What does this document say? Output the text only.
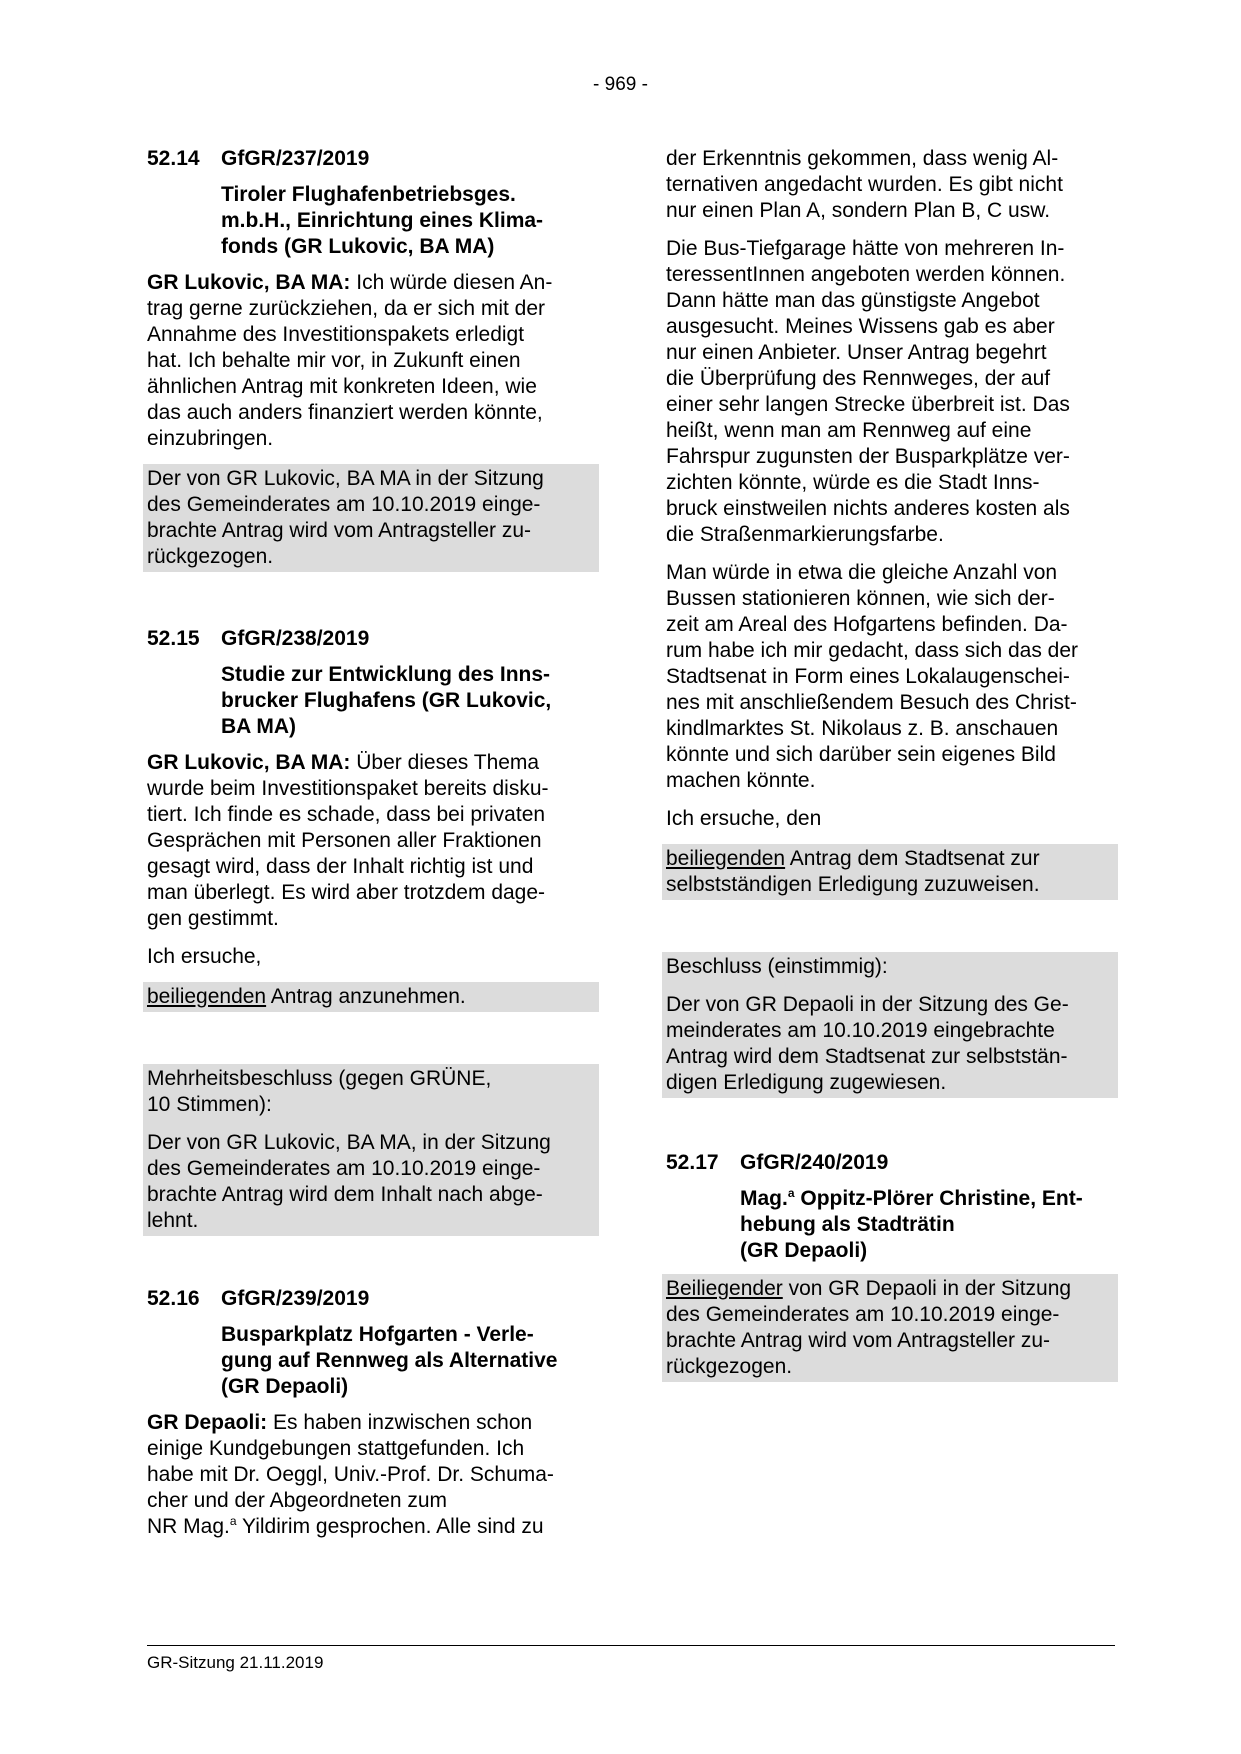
- 969 -
52.14 GfGR/237/2019
Tiroler Flughafenbetriebsges.
m.b.H., Einrichtung eines Klima-
fonds (GR Lukovic, BA MA)

GR Lukovic, BA MA: Ich würde diesen An-
trag gerne zurückziehen, da er sich mit der
Annahme des Investitionspakets erledigt
hat. Ich behalte mir vor, in Zukunft einen
ähnlichen Antrag mit konkreten Ideen, wie
das auch anders finanziert werden könnte,
einzubringen.

Der von GR Lukovic, BA MA in der Sitzung
des Gemeinderates am 10.10.2019 einge-
brachte Antrag wird vom Antragsteller zu-
rückgezogen.

52.15 GfGR/238/2019
Studie zur Entwicklung des Inns-
brucker Flughafens (GR Lukovic,
BA MA)

GR Lukovic, BA MA: Über dieses Thema
wurde beim Investitionspaket bereits disku-
tiert. Ich finde es schade, dass bei privaten
Gesprächen mit Personen aller Fraktionen
gesagt wird, dass der Inhalt richtig ist und
man überlegt. Es wird aber trotzdem dage-
gen gestimmt.

Ich ersuche,

beiliegenden Antrag anzunehmen.

Mehrheitsbeschluss (gegen GRÜNE,
10 Stimmen):

Der von GR Lukovic, BA MA, in der Sitzung
des Gemeinderates am 10.10.2019 einge-
brachte Antrag wird dem Inhalt nach abge-
lehnt.

52.16 GfGR/239/2019
Busparkplatz Hofgarten - Verle-
gung auf Rennweg als Alternative
(GR Depaoli)

GR Depaoli: Es haben inzwischen schon
einige Kundgebungen stattgefunden. Ich
habe mit Dr. Oeggl, Univ.-Prof. Dr. Schuma-
cher und der Abgeordneten zum
NR Mag.$^a$ Yildirim gesprochen. Alle sind zu

der Erkenntnis gekommen, dass wenig Al-
ternativen angedacht wurden. Es gibt nicht
nur einen Plan A, sondern Plan B, C usw.

Die Bus-Tiefgarage hätte von mehreren In-
teressentInnen angeboten werden können.
Dann hätte man das günstigste Angebot
ausgesucht. Meines Wissens gab es aber
nur einen Anbieter. Unser Antrag begehrt
die Überprüfung des Rennweges, der auf
einer sehr langen Strecke überbreit ist. Das
heißt, wenn man am Rennweg auf eine
Fahrspur zugunsten der Busparkplätze ver-
zichten könnte, würde es die Stadt Inns-
bruck einstweilen nichts anderes kosten als
die Straßenmarkierungsfarbe.

Man würde in etwa die gleiche Anzahl von
Bussen stationieren können, wie sich der-
zeit am Areal des Hofgartens befinden. Da-
rum habe ich mir gedacht, dass sich das der
Stadtsenat in Form eines Lokalaugenschei-
nes mit anschließendem Besuch des Christ-
kindlmarktes St. Nikolaus z. B. anschauen
könnte und sich darüber sein eigenes Bild
machen könnte.

Ich ersuche, den

beiliegenden Antrag dem Stadtsenat zur
selbstständigen Erledigung zuzuweisen.

Beschluss (einstimmig):

Der von GR Depaoli in der Sitzung des Ge-
meinderates am 10.10.2019 eingebrachte
Antrag wird dem Stadtsenat zur selbststän-
digen Erledigung zugewiesen.

52.17 GfGR/240/2019
Mag.$^a$ Oppitz-Plörer Christine, Ent-
hebung als Stadträtin
(GR Depaoli)

Beiliegender von GR Depaoli in der Sitzung
des Gemeinderates am 10.10.2019 einge-
brachte Antrag wird vom Antragsteller zu-
rückgezogen.

GR-Sitzung 21.11.2019
